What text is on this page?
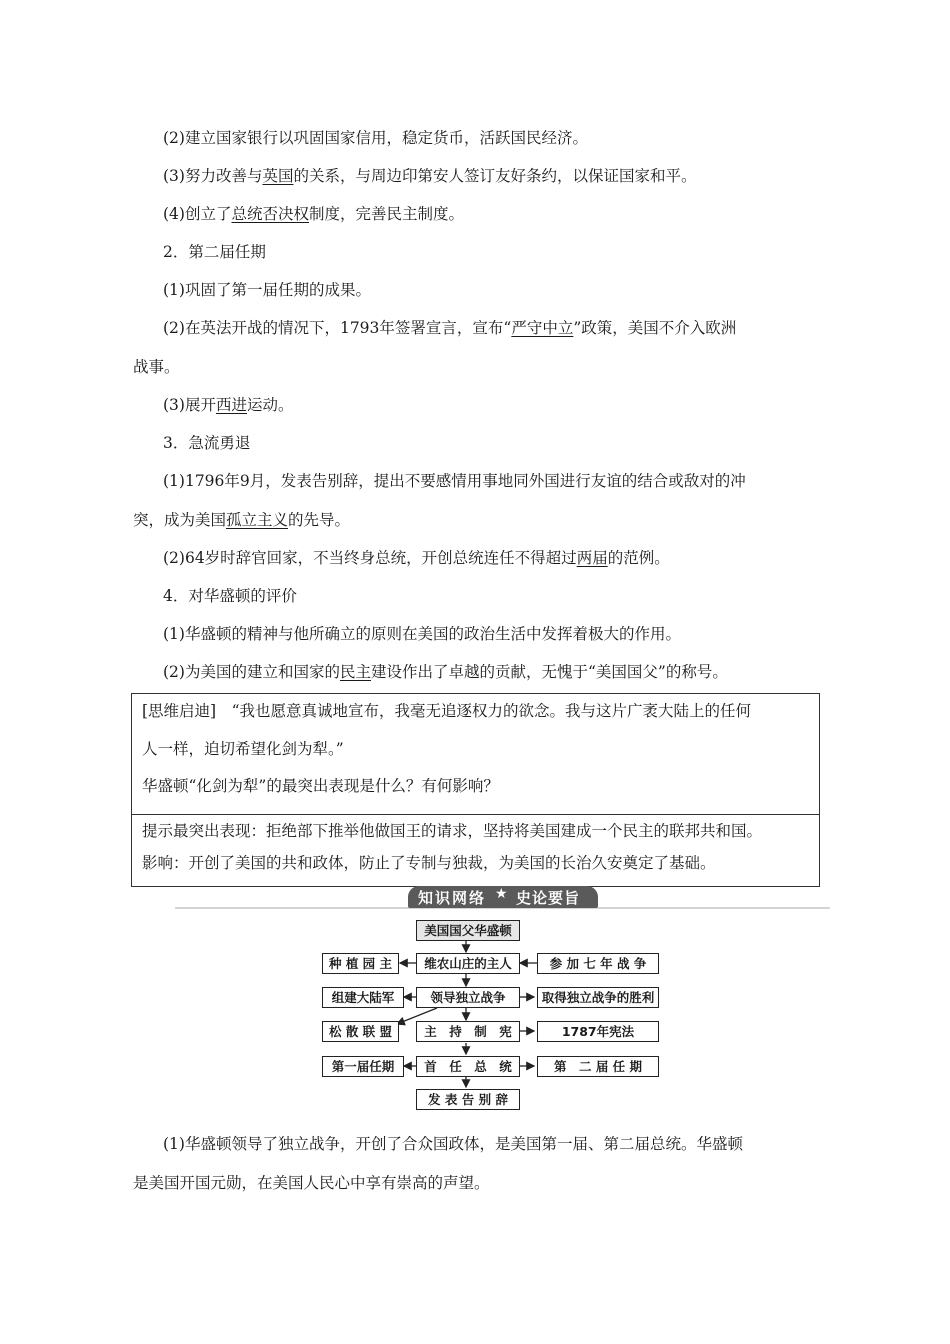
(2)建立国家银行以巩固国家信用，稳定货币，活跃国民经济。
(3)努力改善与英国的关系，与周边印第安人签订友好条约，以保证国家和平。
(4)创立了总统否决权制度，完善民主制度。
2．第二届任期
(1)巩固了第一届任期的成果。
(2)在英法开战的情况下，1793年签署宣言，宣布“严守中立”政策，美国不介入欧洲
战事。
(3)展开西进运动。
3．急流勇退
(1)1796年9月，发表告别辞，提出不要感情用事地同外国进行友谊的结合或敌对的冲
突，成为美国孤立主义的先导。
(2)64岁时辞官回家，不当终身总统，开创总统连任不得超过两届的范例。
4．对华盛顿的评价
(1)华盛顿的精神与他所确立的原则在美国的政治生活中发挥着极大的作用。
(2)为美国的建立和国家的民主建设作出了卓越的贡献，无愧于“美国国父”的称号。
[思维启迪]　“我也愿意真诚地宣布，我毫无追逐权力的欲念。我与这片广袤大陆上的任何
人一样，迫切希望化剑为犁。”
华盛顿“化剑为犁”的最突出表现是什么？有何影响？
提示最突出表现：拒绝部下推举他做国王的请求，坚持将美国建成一个民主的联邦共和国。
影响：开创了美国的共和政体，防止了专制与独裁，为美国的长治久安奠定了基础。
知识网络 ★ 史论要旨
美国国父华盛顿
种 植 园 主	维农山庄的主人	参 加 七 年 战 争
组建大陆军	领导独立战争	取得独立战争的胜利
松 散 联 盟	主　持　制　宪	1787年宪法
第一届任期	首　任　总　统	第　二 届 任 期
发 表 告 别 辞
(1)华盛顿领导了独立战争，开创了合众国政体，是美国第一届、第二届总统。华盛顿
是美国开国元勋，在美国人民心中享有崇高的声望。
